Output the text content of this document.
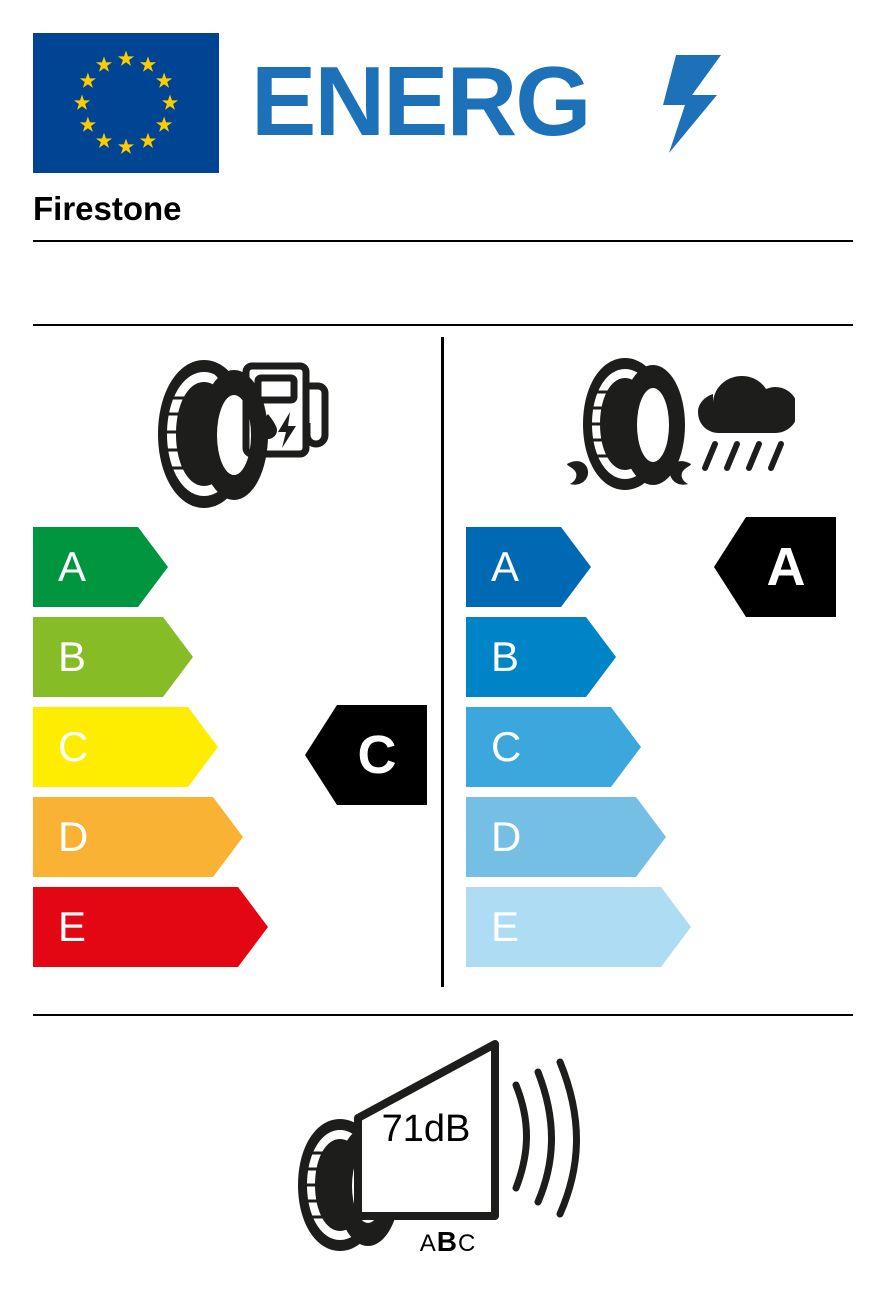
ENERG
Firestone
A
B
C
D
E
A
B
C
D
E
C
A
71dB
ABC
